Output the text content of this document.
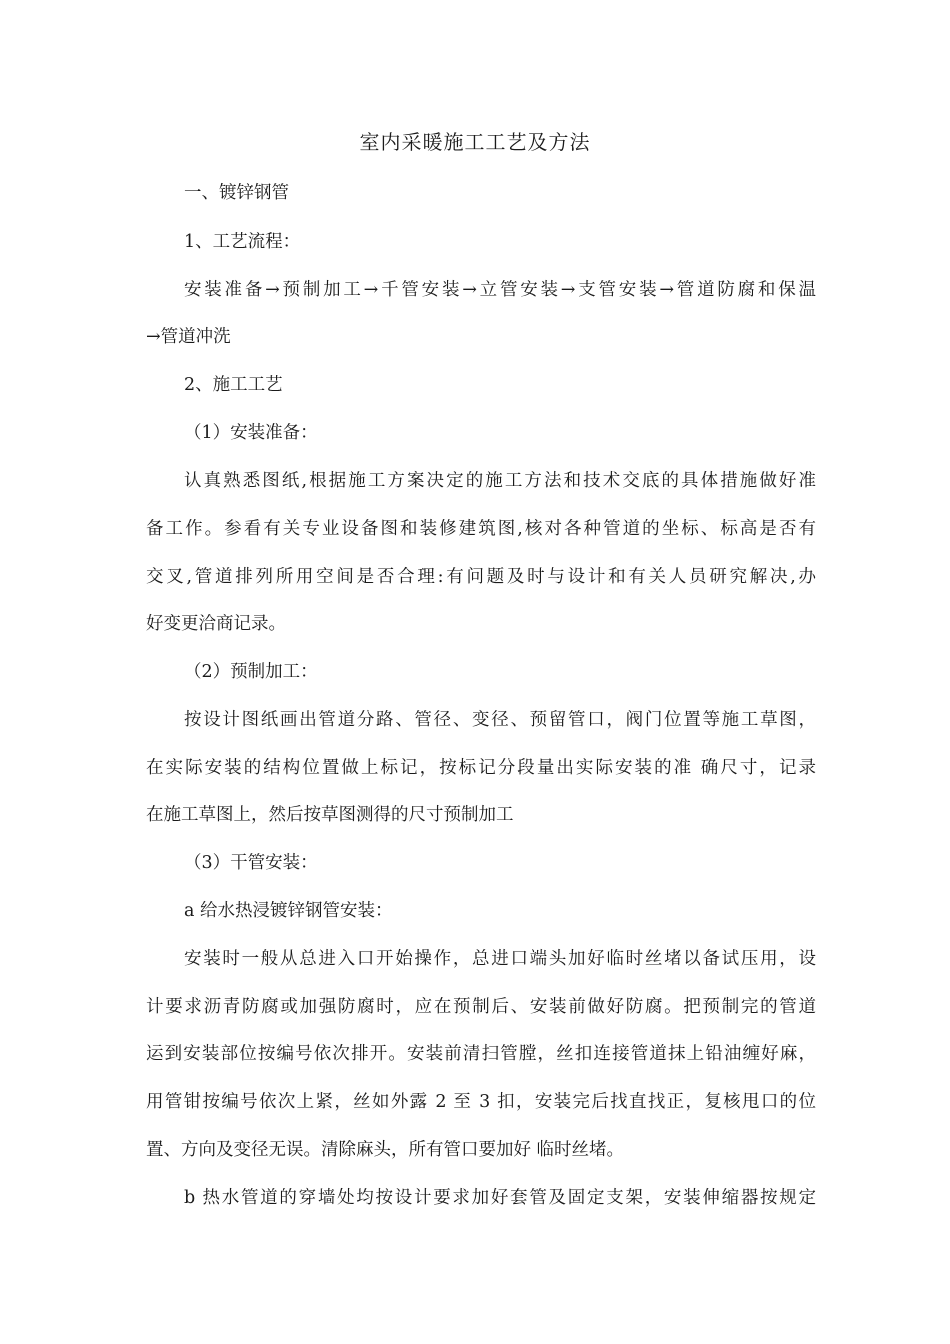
室内采暖施工工艺及方法
一、镀锌钢管
1、工艺流程：
安装准备→预制加工→千管安装→立管安装→支管安装→管道防腐和保温
→管道冲洗
2、施工工艺
（1）安装准备：
认真熟悉图纸,根据施工方案决定的施工方法和技术交底的具体措施做好准
备工作。参看有关专业设备图和装修建筑图,核对各种管道的坐标、标高是否有
交叉,管道排列所用空间是否合理:有问题及时与设计和有关人员研究解决,办
好变更洽商记录。
（2）预制加工：
按设计图纸画出管道分路、管径、变径、预留管口，阀门位置等施工草图，
在实际安装的结构位置做上标记，按标记分段量出实际安装的准 确尺寸，记录
在施工草图上，然后按草图测得的尺寸预制加工
（3）干管安装：
a 给水热浸镀锌钢管安装：
安装时一般从总进入口开始操作，总进口端头加好临时丝堵以备试压用，设
计要求沥青防腐或加强防腐时，应在预制后、安装前做好防腐。把预制完的管道
运到安装部位按编号依次排开。安装前清扫管膛，丝扣连接管道抹上铅油缠好麻，
用管钳按编号依次上紧，丝如外露 2 至 3 扣，安装完后找直找正，复核甩口的位
置、方向及变径无误。清除麻头，所有管口要加好 临时丝堵。
b 热水管道的穿墙处均按设计要求加好套管及固定支架，安装伸缩器按规定
